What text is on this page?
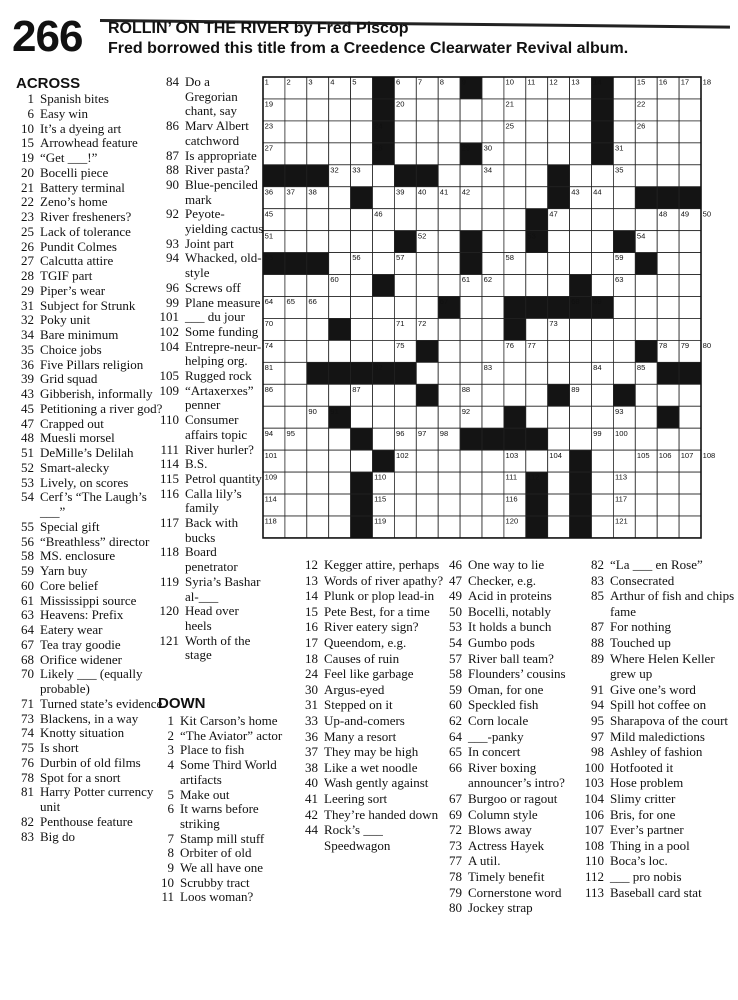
266 ROLLIN’ ON THE RIVER by Fred Piscop
Fred borrowed this title from a Creedence Clearwater Revival album.
ACROSS
DOWN
1 2 3 4 5	6 7 8 9	10 11 12 13 14	15 16 17 18
19	20	21	22
23	24	25	26
27	28	29 30	31
32 33	34	35
36 37 38	39 40 41 42	43 44
45	46	47	48 49 50
51	52	53	54
55	56	57	58	59
60	61 62	63
64 65 66	67	68 69
70	71 72	73
74	75	76 77	78 79 80
81	82	83	84	85
86	87	88	89
90 91	92	93
94 95	96 97 98	99 100
101	102	103	104	105 106 107 108
109	110	111 112	113
114	115	116	117
118	119	120	121
1 Spanish bites
6 Easy win
10 It’s a dyeing art
15 Arrowhead feature
19 “Get ___!”
20 Bocelli piece
21 Battery terminal
22 Zeno’s home
23 River fresheners?
25 Lack of tolerance
26 Pundit Colmes
27 Calcutta attire
28 TGIF part
29 Piper’s wear
31 Subject for Strunk
32 Poky unit
34 Bare minimum
35 Choice jobs
36 Five Pillars religion
39 Grid squad
43 Gibberish, informally
45 Petitioning a river god?
47 Crapped out
48 Muesli morsel
51 DeMille’s Delilah
52 Smart-alecky
53 Lively, on scores
54 Cerf’s “The Laugh’s ___”
55 Special gift
56 “Breathless” director
58 MS. enclosure
59 Yarn buy
60 Core belief
61 Mississippi source
63 Heavens: Prefix
64 Eatery wear
67 Tea tray goodie
68 Orifice widener
70 Likely ___ (equally probable)
71 Turned state’s evidence
73 Blackens, in a way
74 Knotty situation
75 Is short
76 Durbin of old films
78 Spot for a snort
81 Harry Potter currency unit
82 Penthouse feature
83 Big do
84 Do a Gregorian chant, say
86 Marv Albert catchword
87 Is appropriate
88 River pasta?
90 Blue-penciled mark
92 Peyote-yielding cactus
93 Joint part
94 Whacked, old-style
96 Screws off
99 Plane measure
101 ___ du jour
102 Some funding
104 Entrepre-neur-helping org.
105 Rugged rock
109 “Artaxerxes” penner
110 Consumer affairs topic
111 River hurler?
114 B.S.
115 Petrol quantity
116 Calla lily’s family
117 Back with bucks
118 Board penetrator
119 Syria’s Bashar al-___
120 Head over heels
121 Worth of the stage
1 Kit Carson’s home
2 “The Aviator” actor
3 Place to fish
4 Some Third World artifacts
5 Make out
6 It warns before striking
7 Stamp mill stuff
8 Orbiter of old
9 We all have one
10 Scrubby tract
11 Loos woman?
12 Kegger attire, perhaps
13 Words of river apathy?
14 Plunk or plop lead-in
15 Pete Best, for a time
16 River eatery sign?
17 Queendom, e.g.
18 Causes of ruin
24 Feel like garbage
30 Argus-eyed
31 Stepped on it
33 Up-and-comers
36 Many a resort
37 They may be high
38 Like a wet noodle
40 Wash gently against
41 Leering sort
42 They’re handed down
44 Rock’s ___ Speedwagon
46 One way to lie
47 Checker, e.g.
49 Acid in proteins
50 Bocelli, notably
53 It holds a bunch
54 Gumbo pods
57 River ball team?
58 Flounders’ cousins
59 Oman, for one
60 Speckled fish
62 Corn locale
64 ___-panky
65 In concert
66 River boxing announcer’s intro?
67 Burgoo or ragout
69 Column style
72 Blows away
73 Actress Hayek
77 A util.
78 Timely benefit
79 Cornerstone word
80 Jockey strap
82 “La ___ en Rose”
83 Consecrated
85 Arthur of fish and chips fame
87 For nothing
88 Touched up
89 Where Helen Keller grew up
91 Give one’s word
94 Spill hot coffee on
95 Sharapova of the court
97 Mild maledictions
98 Ashley of fashion
100 Hotfooted it
103 Hose problem
104 Slimy critter
106 Bris, for one
107 Ever’s partner
108 Thing in a pool
110 Boca’s loc.
112 ___ pro nobis
113 Baseball card stat
